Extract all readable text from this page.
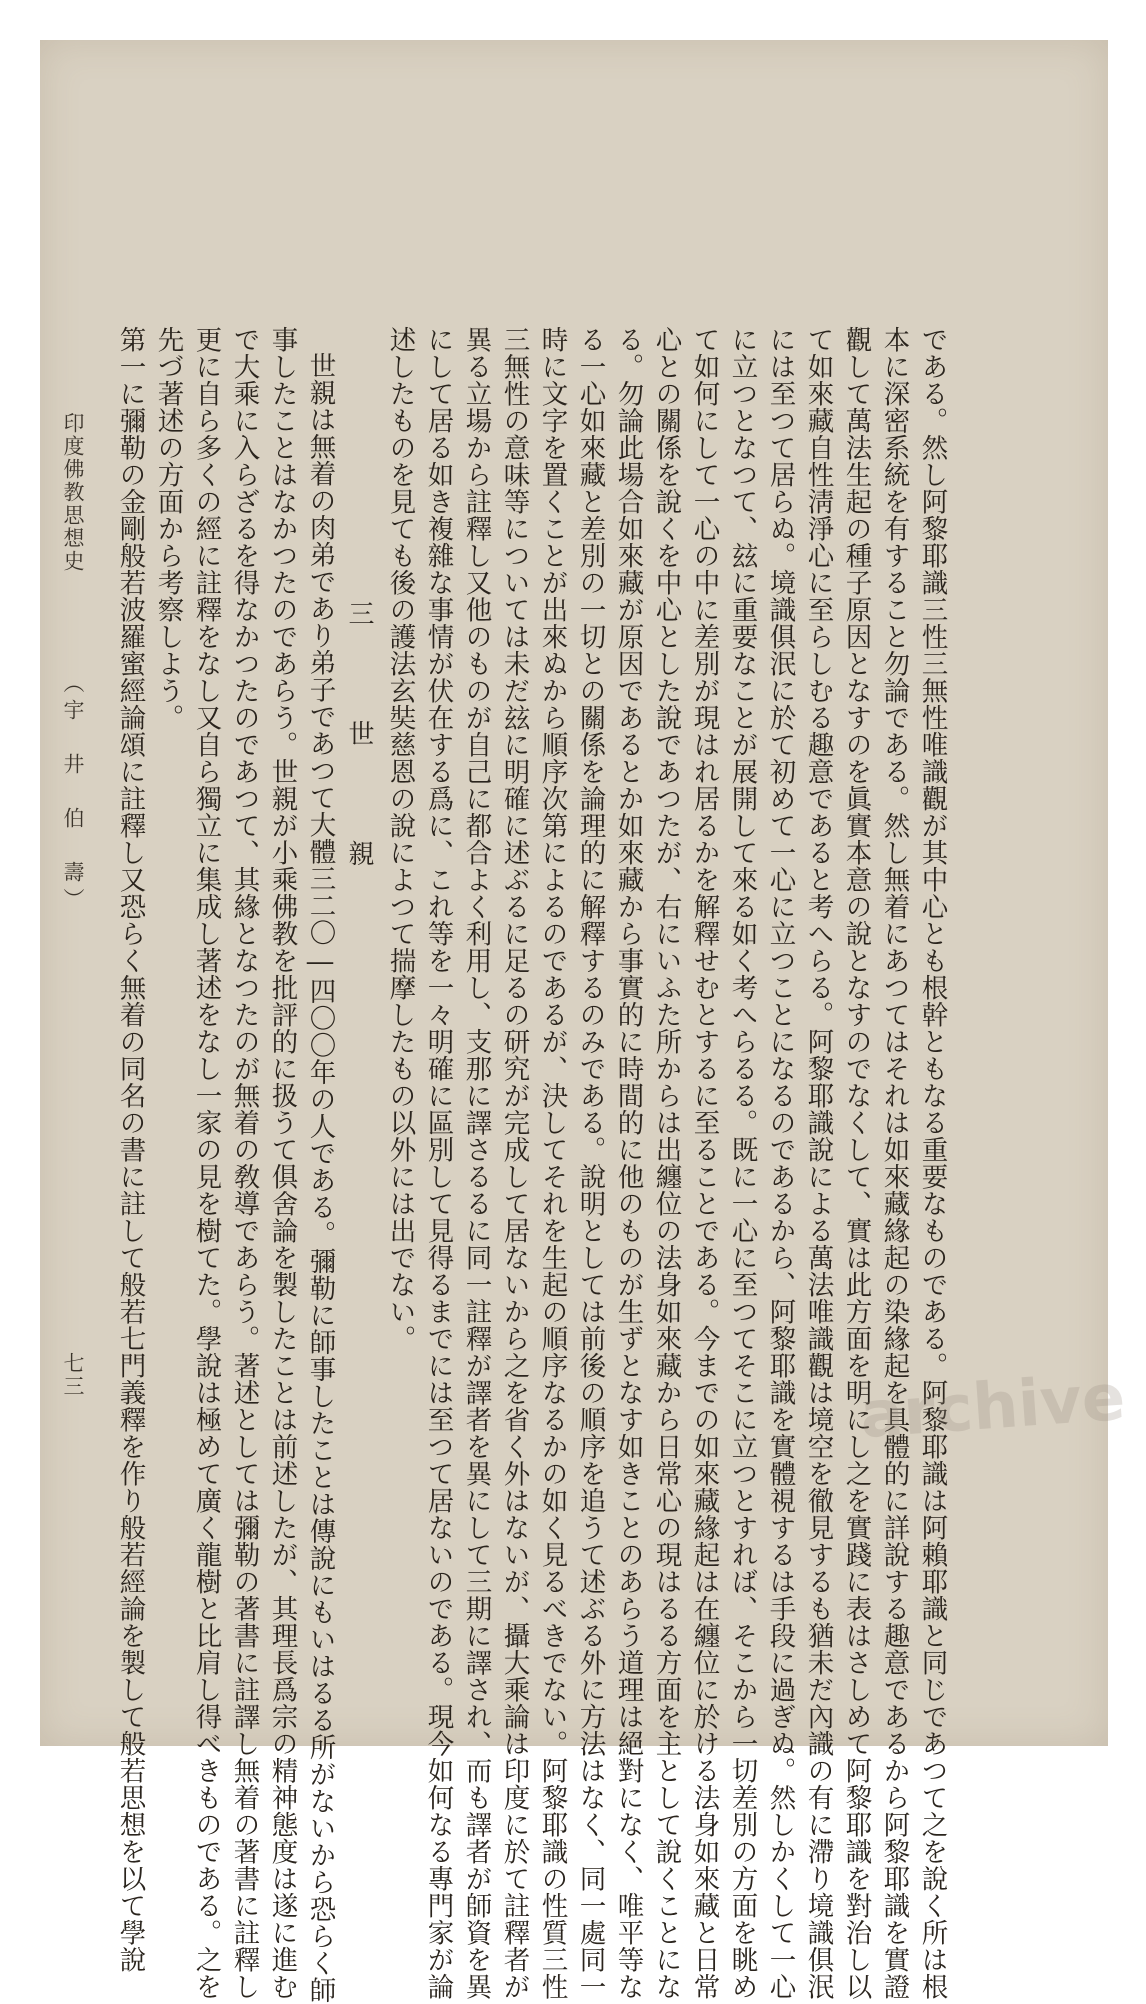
である。然し阿黎耶識三性三無性唯識觀が其中心とも根幹ともなる重要なものである。阿黎耶識は阿賴耶識と同じであつて之を說く所は根
本に深密系統を有すること勿論である。然し無着にあつてはそれは如來藏緣起の染緣起を具體的に詳說する趣意であるから阿黎耶識を實證
觀して萬法生起の種子原因となすのを眞實本意の說となすのでなくして、實は此方面を明にし之を實踐に表はさしめて阿黎耶識を對治し以
て如來藏自性淸淨心に至らしむる趣意であると考へらる。阿黎耶識說による萬法唯識觀は境空を徹見するも猶未だ內識の有に滯り境識俱泯
には至つて居らぬ。境識俱泯に於て初めて一心に立つことになるのであるから、阿黎耶識を實體視するは手段に過ぎぬ。然しかくして一心
に立つとなつて、玆に重要なことが展開して來る如く考へらるる。既に一心に至つてそこに立つとすれば、そこから一切差別の方面を眺め
て如何にして一心の中に差別が現はれ居るかを解釋せむとするに至ることである。今までの如來藏緣起は在纏位に於ける法身如來藏と日常
心との關係を說くを中心とした說であつたが、右にいふた所からは出纏位の法身如來藏から日常心の現はるる方面を主として說くことにな
る。勿論此場合如來藏が原因であるとか如來藏から事實的に時間的に他のものが生ずとなす如きことのあらう道理は絕對になく、唯平等な
る一心如來藏と差別の一切との關係を論理的に解釋するのみである。說明としては前後の順序を追うて述ぶる外に方法はなく、同一處同一
時に文字を置くことが出來ぬから順序次第によるのであるが、決してそれを生起の順序なるかの如く見るべきでない。阿黎耶識の性質三性
三無性の意味等については未だ玆に明確に述ぶるに足るの研究が完成して居ないから之を省く外はないが、攝大乘論は印度に於て註釋者が
異る立場から註釋し又他のものが自己に都合よく利用し、支那に譯さるるに同一註釋が譯者を異にして三期に譯され、而も譯者が師資を異
にして居る如き複雜な事情が伏在する爲に、これ等を一々明確に區別して見得るまでには至つて居ないのである。現今如何なる專門家が論
述したものを見ても後の護法玄奘慈恩の說によつて揣摩したもの以外には出でない。
三　世　親
世親は無着の肉弟であり弟子であつて大體三二〇―四〇〇年の人である。彌勒に師事したことは傳說にもいはるる所がないから恐らく師
事したことはなかつたのであらう。世親が小乘佛教を批評的に扱うて俱舍論を製したことは前述したが、其理長爲宗の精神態度は遂に進む
で大乘に入らざるを得なかつたのであつて、其緣となつたのが無着の敎導であらう。著述としては彌勒の著書に註譯し無着の著書に註釋し
更に自ら多くの經に註釋をなし又自ら獨立に集成し著述をなし一家の見を樹てた。學說は極めて廣く龍樹と比肩し得べきものである。之を
先づ著述の方面から考察しよう。
第一に彌勒の金剛般若波羅蜜經論頌に註釋し又恐らく無着の同名の書に註して般若七門義釋を作り般若經論を製して般若思想を以て學說
印度佛教思想史
（宇　井　伯　壽）
七三	archive
